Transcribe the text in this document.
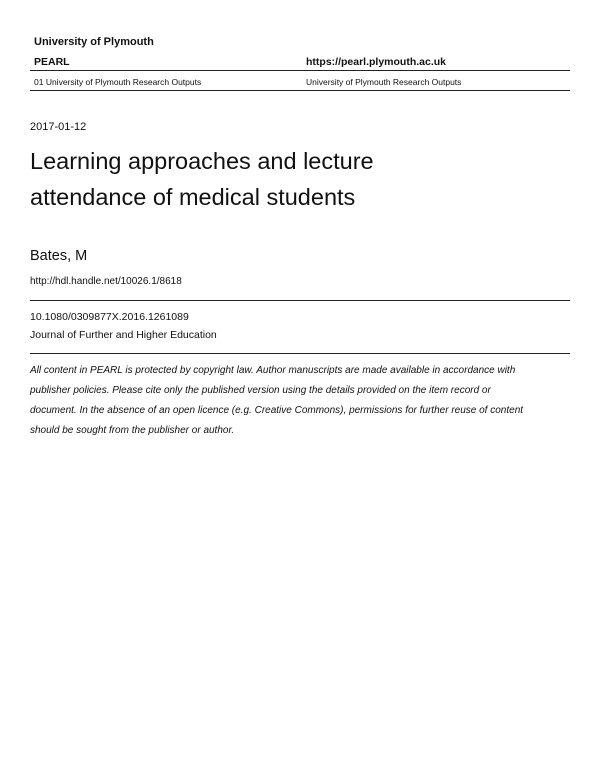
University of Plymouth
PEARL	https://pearl.plymouth.ac.uk
01 University of Plymouth Research Outputs	University of Plymouth Research Outputs
2017-01-12
Learning approaches and lecture
attendance of medical students
Bates, M
http://hdl.handle.net/10026.1/8618
10.1080/0309877X.2016.1261089
Journal of Further and Higher Education
All content in PEARL is protected by copyright law. Author manuscripts are made available in accordance with
publisher policies. Please cite only the published version using the details provided on the item record or
document. In the absence of an open licence (e.g. Creative Commons), permissions for further reuse of content
should be sought from the publisher or author.
